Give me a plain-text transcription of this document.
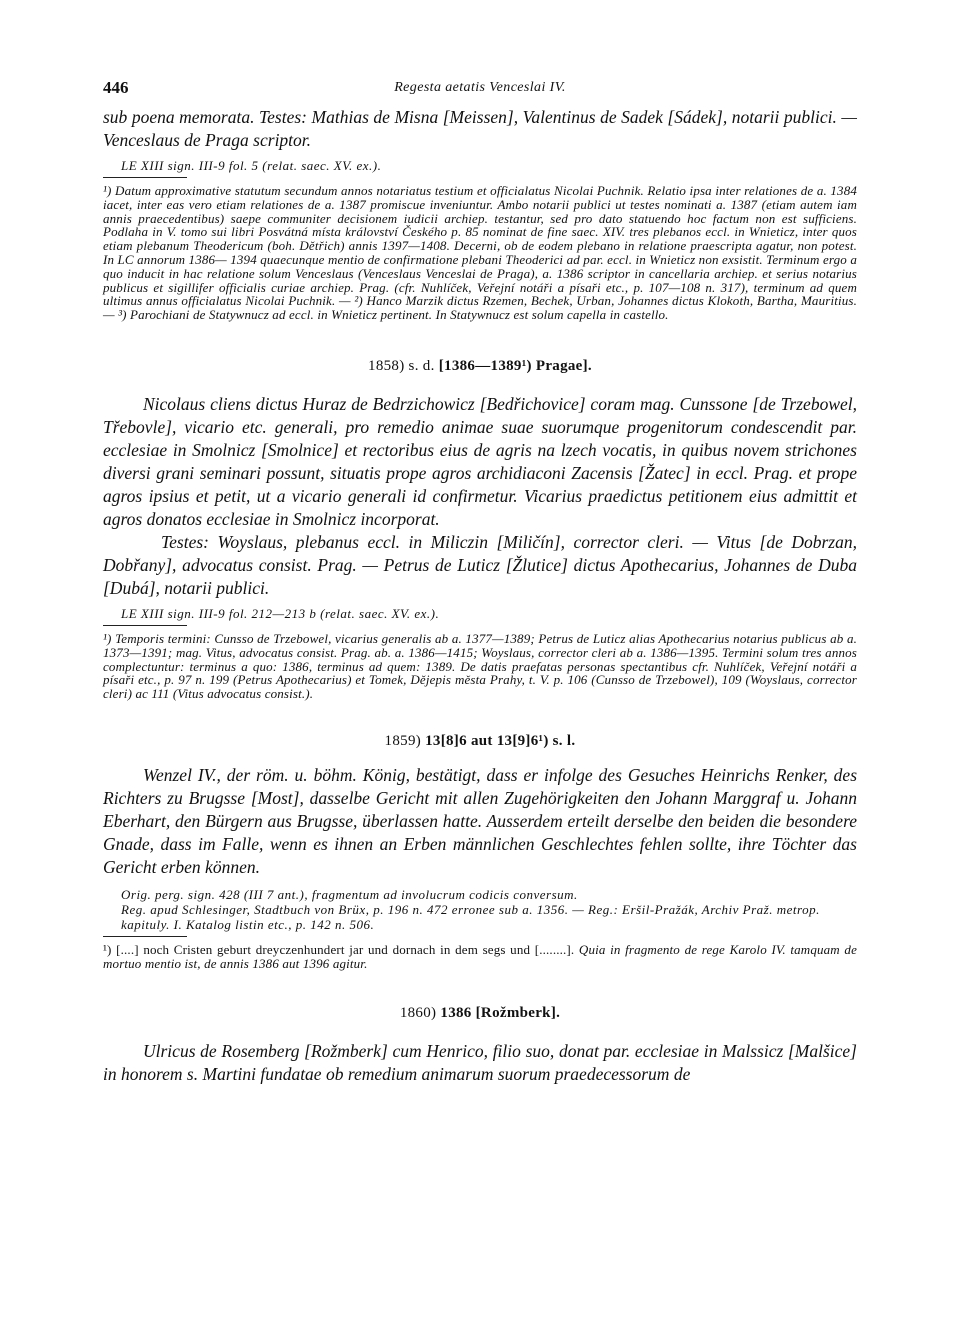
446	Regesta aetatis Venceslai IV.

sub poena memorata. Testes: Mathias de Misna [Meissen], Valentinus de Sadek [Sádek], notarii publici. — Venceslaus de Praga scriptor.

LE XIII sign. III-9 fol. 5 (relat. saec. XV. ex.).

¹) Datum approximative statutum secundum annos notariatus testium et officialatus Nicolai Puchnik. Relatio ipsa inter relationes de a. 1384 iacet, inter eas vero etiam relationes de a. 1387 promiscue inveniuntur. Ambo notarii publici ut testes nominati a. 1387 (etiam autem iam annis praecedentibus) saepe communiter decisionem iudicii archiep. testantur, sed pro dato statuendo hoc factum non est sufficiens. Podlaha in V. tomo sui libri Posvátná místa království Českého p. 85 nominat de fine saec. XIV. tres plebanos eccl. in Wnieticz, inter quos etiam plebanum Theodericum (boh. Dětřich) annis 1397—1408. Decerni, ob de eodem plebano in relatione praescripta agatur, non potest. In LC annorum 1386— 1394 quaecunque mentio de confirmatione plebani Theoderici ad par. eccl. in Wnieticz non exsistit. Terminum ergo a quo inducit in hac relatione solum Venceslaus (Venceslaus Venceslai de Praga), a. 1386 scriptor in cancellaria archiep. et serius notarius publicus et sigillifer officialis curiae archiep. Prag. (cfr. Nuhlíček, Veřejní notáři a písaři etc., p. 107—108 n. 317), terminum ad quem ultimus annus officialatus Nicolai Puchnik. — ²) Hanco Marzik dictus Rzemen, Bechek, Urban, Johannes dictus Klokoth, Bartha, Mauritius. — ³) Parochiani de Statywnucz ad eccl. in Wnieticz pertinent. In Statywnucz est solum capella in castello.

1858) s. d. [1386—1389¹) Pragae].

Nicolaus cliens dictus Huraz de Bedrzichowicz [Bedřichovice] coram mag. Cunssone [de Trzebowel, Třebovle], vicario etc. generali, pro remedio animae suae suorumque progenitorum condescendit par. ecclesiae in Smolnicz [Smolnice] et rectoribus eius de agris na lzech vocatis, in quibus novem strichones diversi grani seminari possunt, situatis prope agros archidiaconi Zacensis [Žatec] in eccl. Prag. et prope agros ipsius et petit, ut a vicario generali id confirmetur. Vicarius praedictus petitionem eius admittit et agros donatos ecclesiae in Smolnicz incorporat.

Testes: Woyslaus, plebanus eccl. in Miliczin [Miličín], corrector cleri. — Vitus [de Dobrzan, Dobřany], advocatus consist. Prag. — Petrus de Luticz [Žlutice] dictus Apothecarius, Johannes de Duba [Dubá], notarii publici.

LE XIII sign. III-9 fol. 212—213 b (relat. saec. XV. ex.).

¹) Temporis termini: Cunsso de Trzebowel, vicarius generalis ab a. 1377—1389; Petrus de Luticz alias Apothecarius notarius publicus ab a. 1373—1391; mag. Vitus, advocatus consist. Prag. ab. a. 1386—1415; Woyslaus, corrector cleri ab a. 1386—1395. Termini solum tres annos complectuntur: terminus a quo: 1386, terminus ad quem: 1389. De datis praefatas personas spectantibus cfr. Nuhlíček, Veřejní notáři a písaři etc., p. 97 n. 199 (Petrus Apothecarius) et Tomek, Dějepis města Prahy, t. V. p. 106 (Cunsso de Trzebowel), 109 (Woyslaus, corrector cleri) ac 111 (Vitus advocatus consist.).

1859) 13[8]6 aut 13[9]6¹) s. l.

Wenzel IV., der röm. u. böhm. König, bestätigt, dass er infolge des Gesuches Heinrichs Renker, des Richters zu Brugsse [Most], dasselbe Gericht mit allen Zugehörigkeiten den Johann Marggraf u. Johann Eberhart, den Bürgern aus Brugsse, überlassen hatte. Ausserdem erteilt derselbe den beiden die besondere Gnade, dass im Falle, wenn es ihnen an Erben männlichen Geschlechtes fehlen sollte, ihre Töchter das Gericht erben können.

Orig. perg. sign. 428 (III 7 ant.), fragmentum ad involucrum codicis conversum.

Reg. apud Schlesinger, Stadtbuch von Brüx, p. 196 n. 472 erronee sub a. 1356. — Reg.: Eršil-Pražák, Archiv Praž. metrop. kapituly. I. Katalog listin etc., p. 142 n. 506.

¹) [....] noch Cristen geburt dreyczenhundert jar und dornach in dem segs und [........]. Quia in fragmento de rege Karolo IV. tamquam de mortuo mentio ist, de annis 1386 aut 1396 agitur.

1860) 1386 [Rožmberk].

Ulricus de Rosemberg [Rožmberk] cum Henrico, filio suo, donat par. ecclesiae in Malssicz [Malšice] in honorem s. Martini fundatae ob remedium animarum suorum praedecessorum de
